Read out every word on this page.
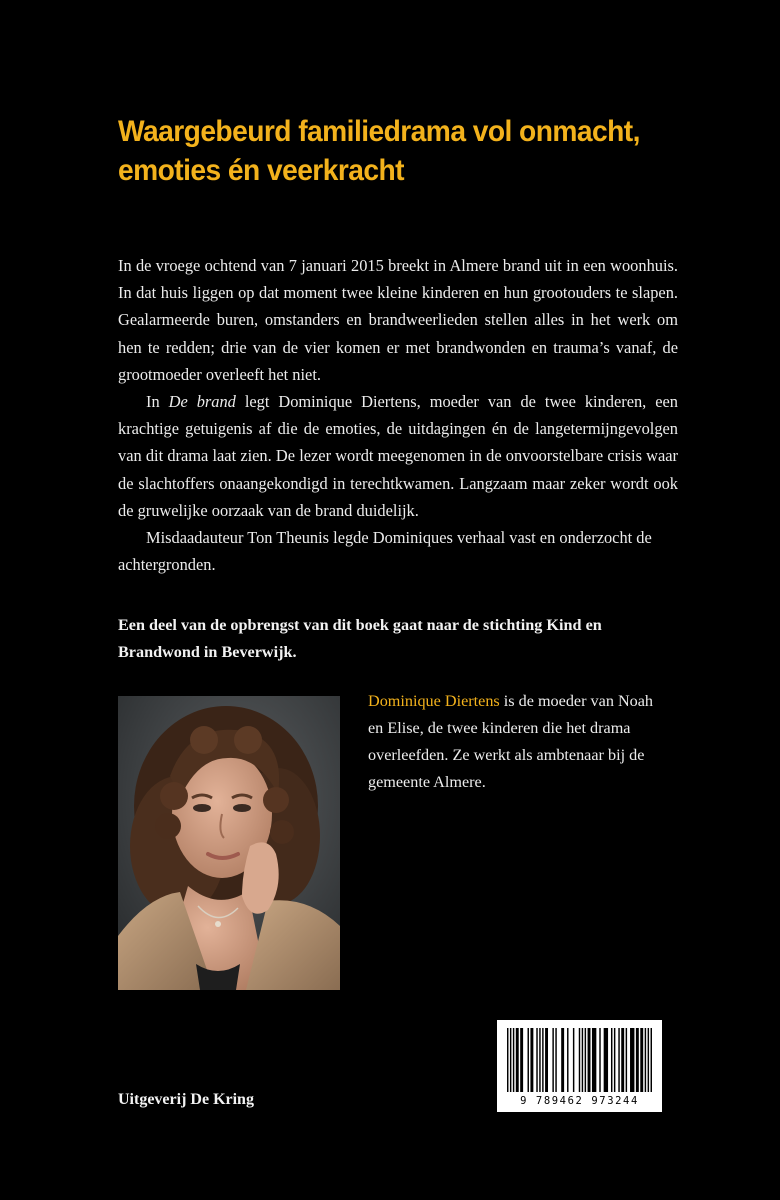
Waargebeurd familiedrama vol onmacht,
emoties én veerkracht

In de vroege ochtend van 7 januari 2015 breekt in Almere brand uit in een woonhuis. In dat huis liggen op dat moment twee kleine kinderen en hun grootouders te slapen. Gealarmeerde buren, omstanders en brandweerlieden stellen alles in het werk om hen te redden; drie van de vier komen er met brandwonden en trauma’s vanaf, de grootmoeder overleeft het niet.

In De brand legt Dominique Diertens, moeder van de twee kinderen, een krachtige getuigenis af die de emoties, de uitdagingen én de langetermijngevolgen van dit drama laat zien. De lezer wordt meegenomen in de onvoorstelbare crisis waar de slachtoffers onaangekondigd in terechtkwamen. Langzaam maar zeker wordt ook de gruwelijke oorzaak van de brand duidelijk.

Misdaadauteur Ton Theunis legde Dominiques verhaal vast en onderzocht de achtergronden.

Een deel van de opbrengst van dit boek gaat naar de stichting Kind en Brandwond in Beverwijk.

Dominique Diertens is de moeder van Noah en Elise, de twee kinderen die het drama overleefden. Ze werkt als ambtenaar bij de gemeente Almere.

Uitgeverij De Kring	9 789462 973244
